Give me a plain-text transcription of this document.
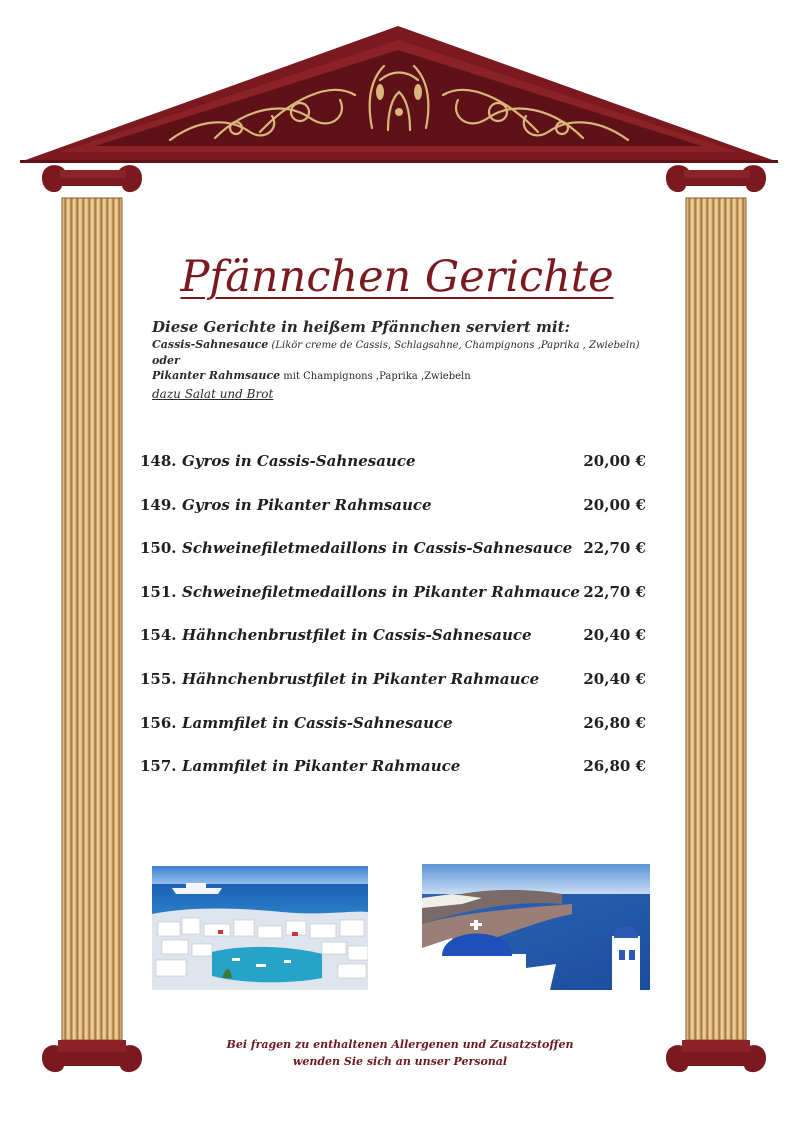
Pfännchen Gerichte
Diese Gerichte in heißem Pfännchen serviert mit:
Cassis-Sahnesauce (Likör creme de Cassis, Schlagsahne, Champignons ,Paprika , Zwiebeln)
oder
Pikanter Rahmsauce mit Champignons ,Paprika ,Zwiebeln
dazu Salat und Brot
148. Gyros in Cassis-Sahnesauce	20,00 €
149. Gyros in Pikanter Rahmsauce	20,00 €
150. Schweinefiletmedaillons in Cassis-Sahnesauce 22,70 €
151. Schweinefiletmedaillons in Pikanter Rahmauce 22,70 €
154. Hähnchenbrustfilet in Cassis-Sahnesauce	20,40 €
155. Hähnchenbrustfilet in Pikanter Rahmauce	20,40 €
156. Lammfilet in Cassis-Sahnesauce	26,80 €
157. Lammfilet in Pikanter Rahmauce	26,80 €
Bei fragen zu enthaltenen Allergenen und Zusatzstoffen
wenden Sie sich an unser Personal
